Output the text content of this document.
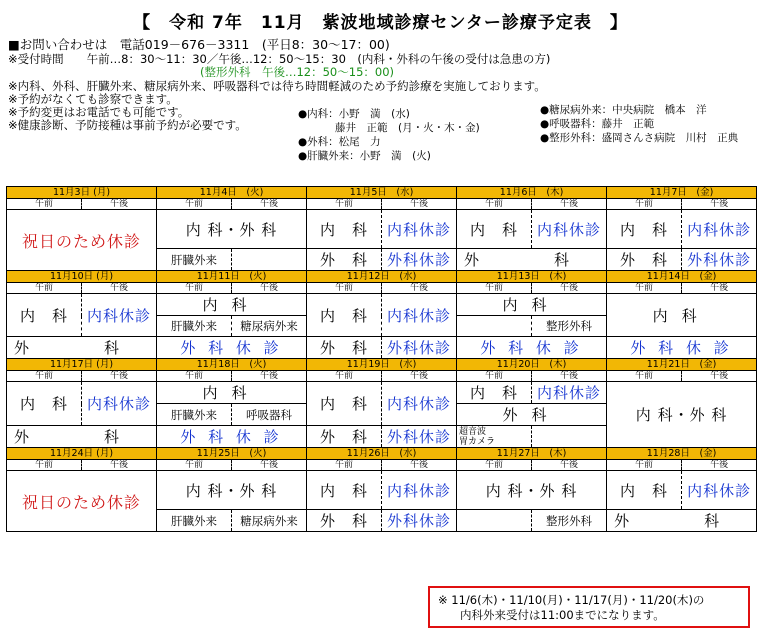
【　令和 7年　11月　紫波地域診療センター診療予定表　】
■お問い合わせは　電話019－676－3311　(平日8：30～17：00)
※受付時間　　午前…8：30～11：30／午後…12：50～15：30　(内科・外科の午後の受付は急患の方)
(整形外科　午後…12：50～15：00)
※内科、外科、肝臓外来、糖尿病外来、呼吸器科では待ち時間軽減のため予約診療を実施しております。
※予約がなくても診察できます。
※予約変更はお電話でも可能です。
※健康診断、予防接種は事前予約が必要です。
●内科：小野　満　(水)
藤井　正範　(月・火・木・金)
●外科：松尾　力
●肝臓外来：小野　満　(火)
●糖尿病外来：中央病院　橋本　洋
●呼吸器科：藤井　正範
●整形外科：盛岡さんさ病院　川村　正典
11月3日 (月)		11月4日　(火)		11月5日　(水)		11月6日　(木)		11月7日　(金)	
午前	午後	午前	午後	午前	午後	午前	午後	午前	午後
祝日のため休診		内 科・外 科		内　科	内科休診	内　科	内科休診	内　科	内科休診
		肝臓外来		外　科	外科休診	外　科		外　科	外科休診
11月10日 (月)		11月11日　(火)		11月12日　(水)		11月13日　(木)		11月14日　(金)	
午前	午後	午前	午後	午前	午後	午前	午後	午前	午後
内　科	内科休診	内科		内　科	内科休診	内科		内科	
		肝臓外来	糖尿病外来				整形外科		
外　科		外 科 休 診		外　科	外科休診	外 科 休 診		外 科 休 診	
11月17日 (月)		11月18日　(火)		11月19日　(水)		11月20日　(木)		11月21日　(金)	
午前	午後	午前	午後	午前	午後	午前	午後	午前	午後
内　科	内科休診	内科		内　科	内科休診	内　科	内科休診	内 科・外 科	
		肝臓外来	呼吸器科			外科			
外　科		外 科 休 診		外　科	外科休診	超音波
胃カメラ			

11月24日 (月)		11月25日　(火)		11月26日　(水)		11月27日　(木)		11月28日　(金)	
午前	午後	午前	午後	午前	午後	午前	午後	午前	午後
祝日のため休診		内 科・外 科		内　科	内科休診	内 科・外 科		内　科	内科休診
		肝臓外来	糖尿病外来	外　科	外科休診		整形外科	外　科	
※ 11/6(木)・11/10(月)・11/17(月)・11/20(木)の
内科外来受付は11:00までになります。
